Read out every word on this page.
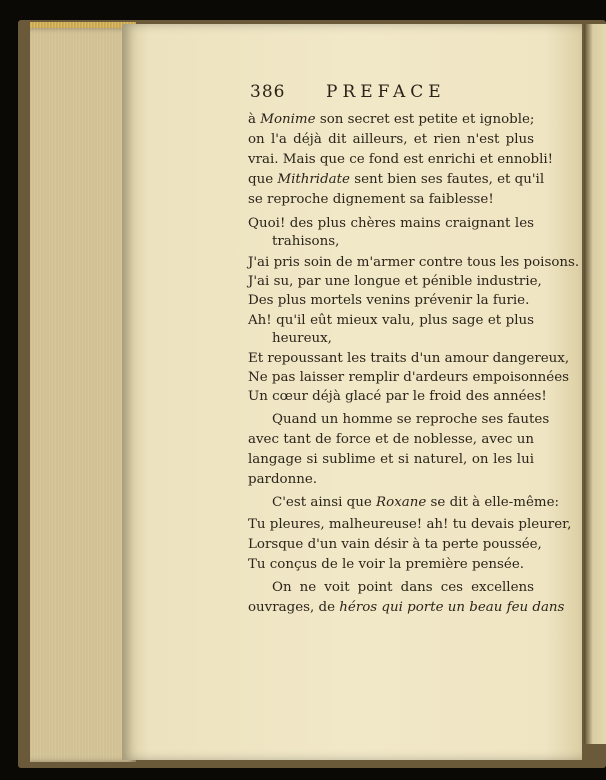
386 PREFACE
à Monime son secret est petite et ignoble;
on l'a déjà dit ailleurs, et rien n'est plus
vrai. Mais que ce fond est enrichi et ennobli!
que Mithridate sent bien ses fautes, et qu'il
se reproche dignement sa faiblesse!
Quoi! des plus chères mains craignant les
trahisons,
J'ai pris soin de m'armer contre tous les poisons.
J'ai su, par une longue et pénible industrie,
Des plus mortels venins prévenir la furie.
Ah! qu'il eût mieux valu, plus sage et plus
heureux,
Et repoussant les traits d'un amour dangereux,
Ne pas laisser remplir d'ardeurs empoisonnées
Un cœur déjà glacé par le froid des années!
Quand un homme se reproche ses fautes
avec tant de force et de noblesse, avec un
langage si sublime et si naturel, on les lui
pardonne.
C'est ainsi que Roxane se dit à elle-même:
Tu pleures, malheureuse! ah! tu devais pleurer,
Lorsque d'un vain désir à ta perte poussée,
Tu conçus de le voir la première pensée.
On ne voit point dans ces excellens
ouvrages, de héros qui porte un beau feu dans
